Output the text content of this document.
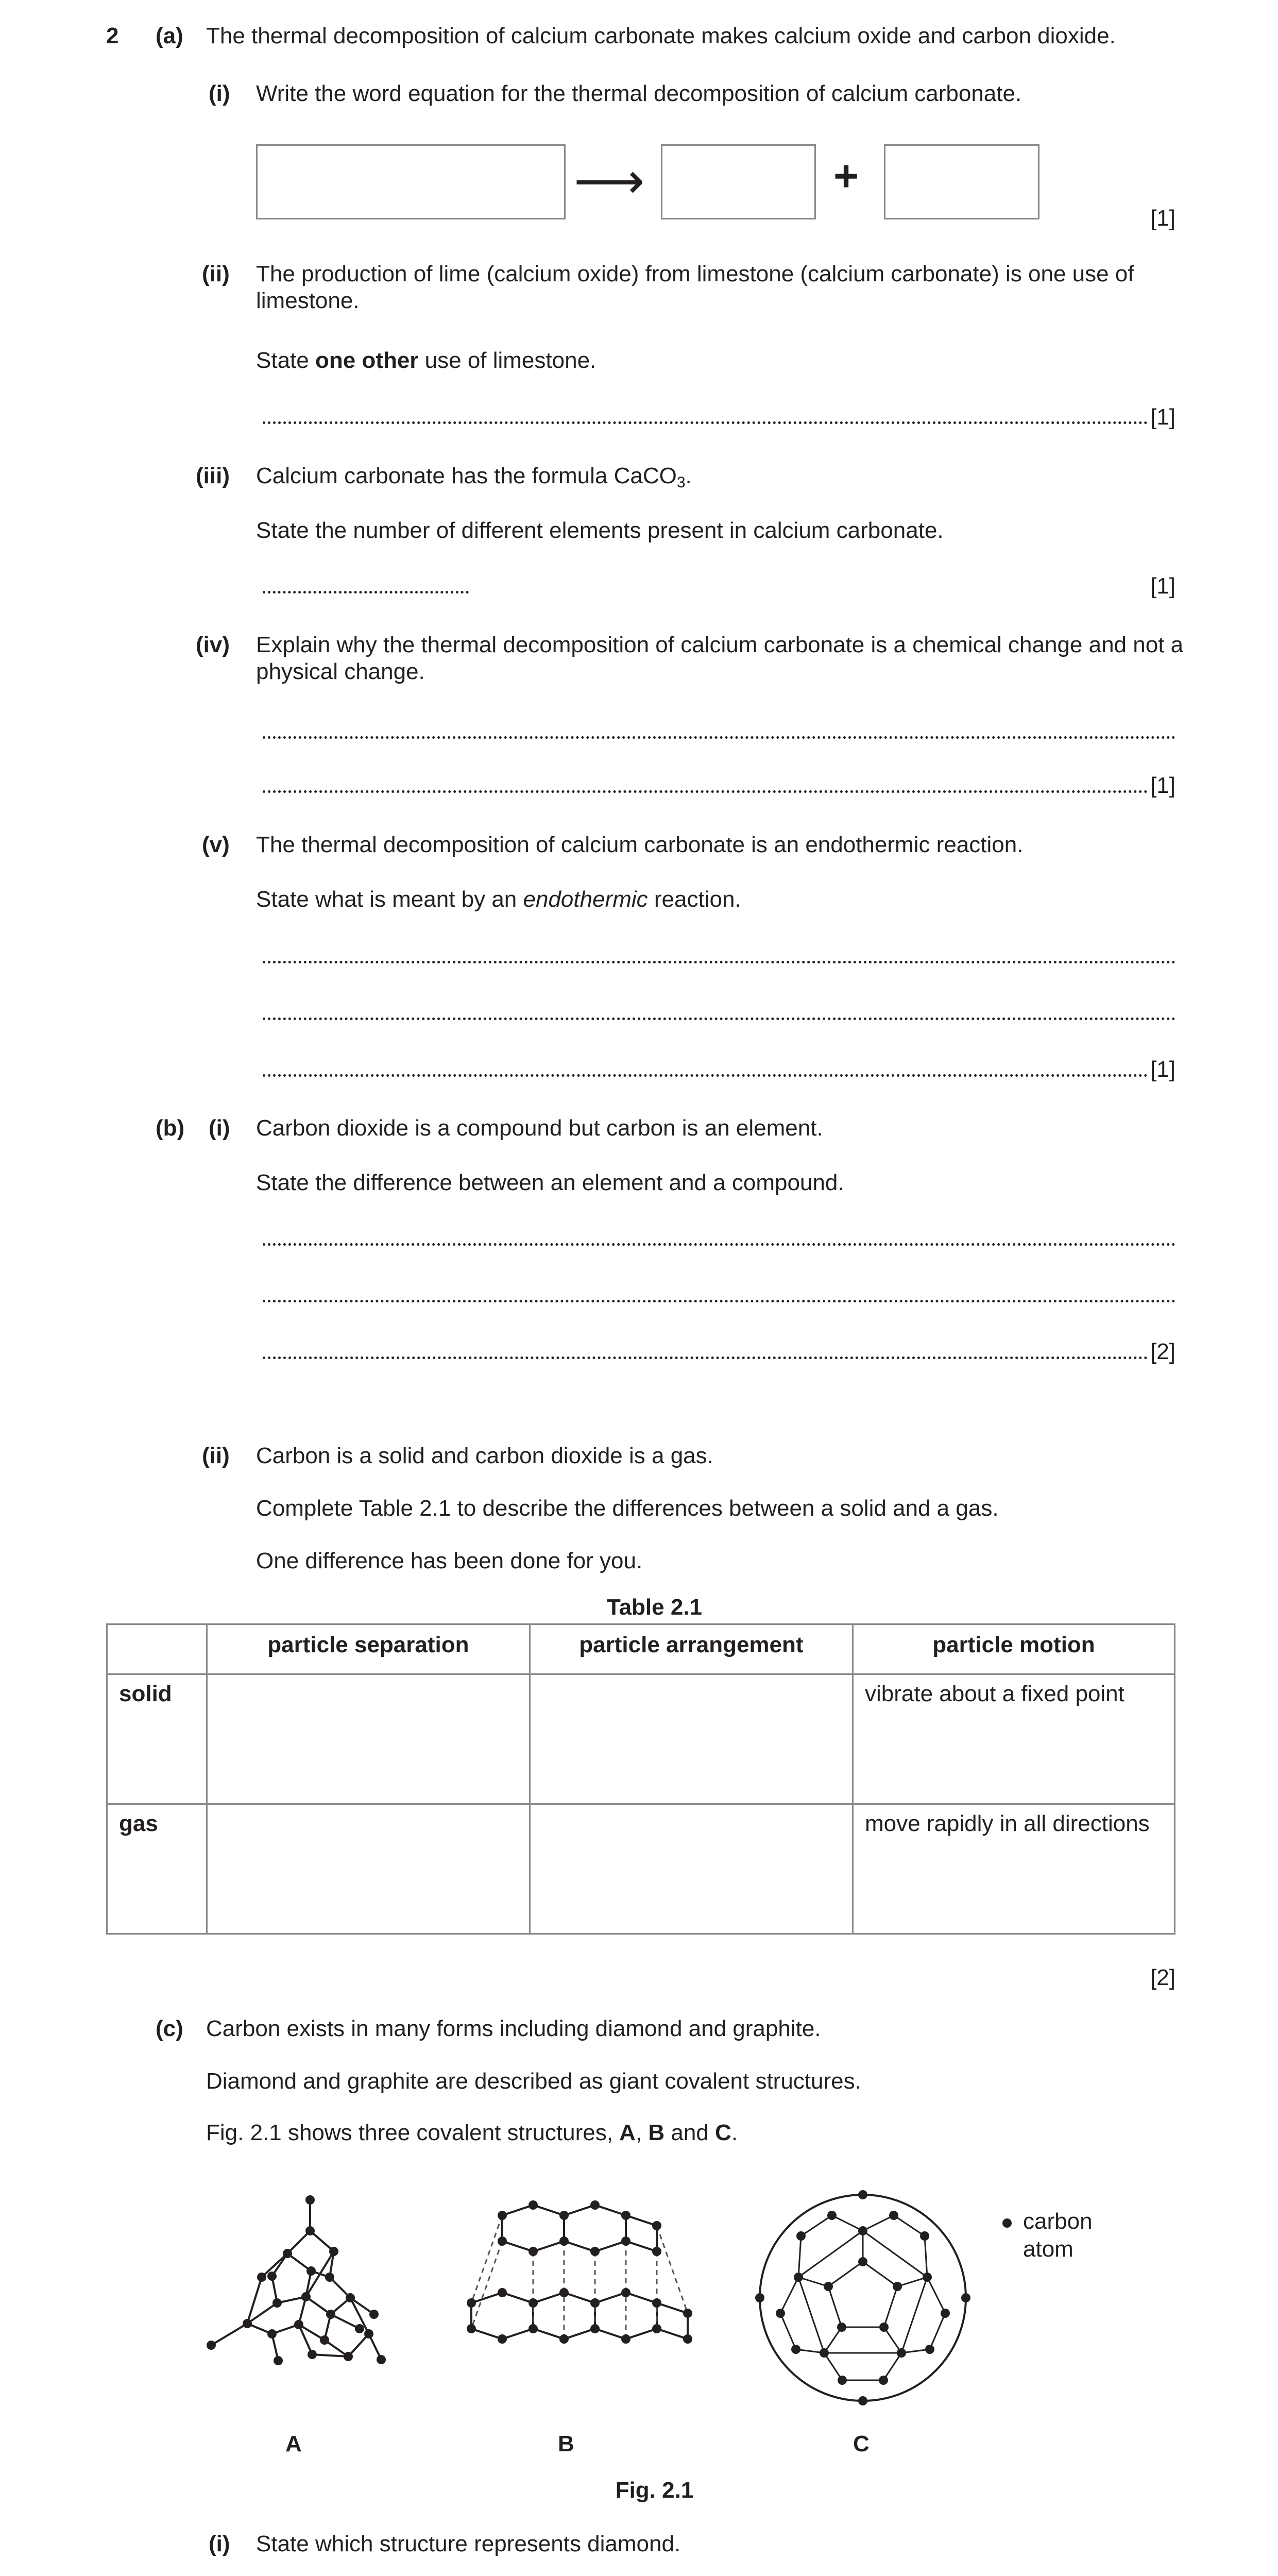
2 (a) The thermal decomposition of calcium carbonate makes calcium oxide and carbon dioxide.
(i) Write the word equation for the thermal decomposition of calcium carbonate.
⟶	+
[1]
(ii) The production of lime (calcium oxide) from limestone (calcium carbonate) is one use of limestone.
State one other use of limestone.
[1]
(iii) Calcium carbonate has the formula CaCO$_3$.
State the number of different elements present in calcium carbonate.
[1]
(iv) Explain why the thermal decomposition of calcium carbonate is a chemical change and not a physical change.
[1]
(v) The thermal decomposition of calcium carbonate is an endothermic reaction.
State what is meant by an endothermic reaction.
[1]
(b) (i) Carbon dioxide is a compound but carbon is an element.
State the difference between an element and a compound.
[2]
(ii) Carbon is a solid and carbon dioxide is a gas.
Complete Table 2.1 to describe the differences between a solid and a gas.
One difference has been done for you.
Table 2.1
	particle separation	particle arrangement	particle motion
solid			vibrate about a fixed point
gas			move rapidly in all directions
[2]
(c) Carbon exists in many forms including diamond and graphite.
Diamond and graphite are described as giant covalent structures.
Fig. 2.1 shows three covalent structures, A, B and C.
carbon
atom
A	B	C
Fig. 2.1
(i) State which structure represents diamond.
